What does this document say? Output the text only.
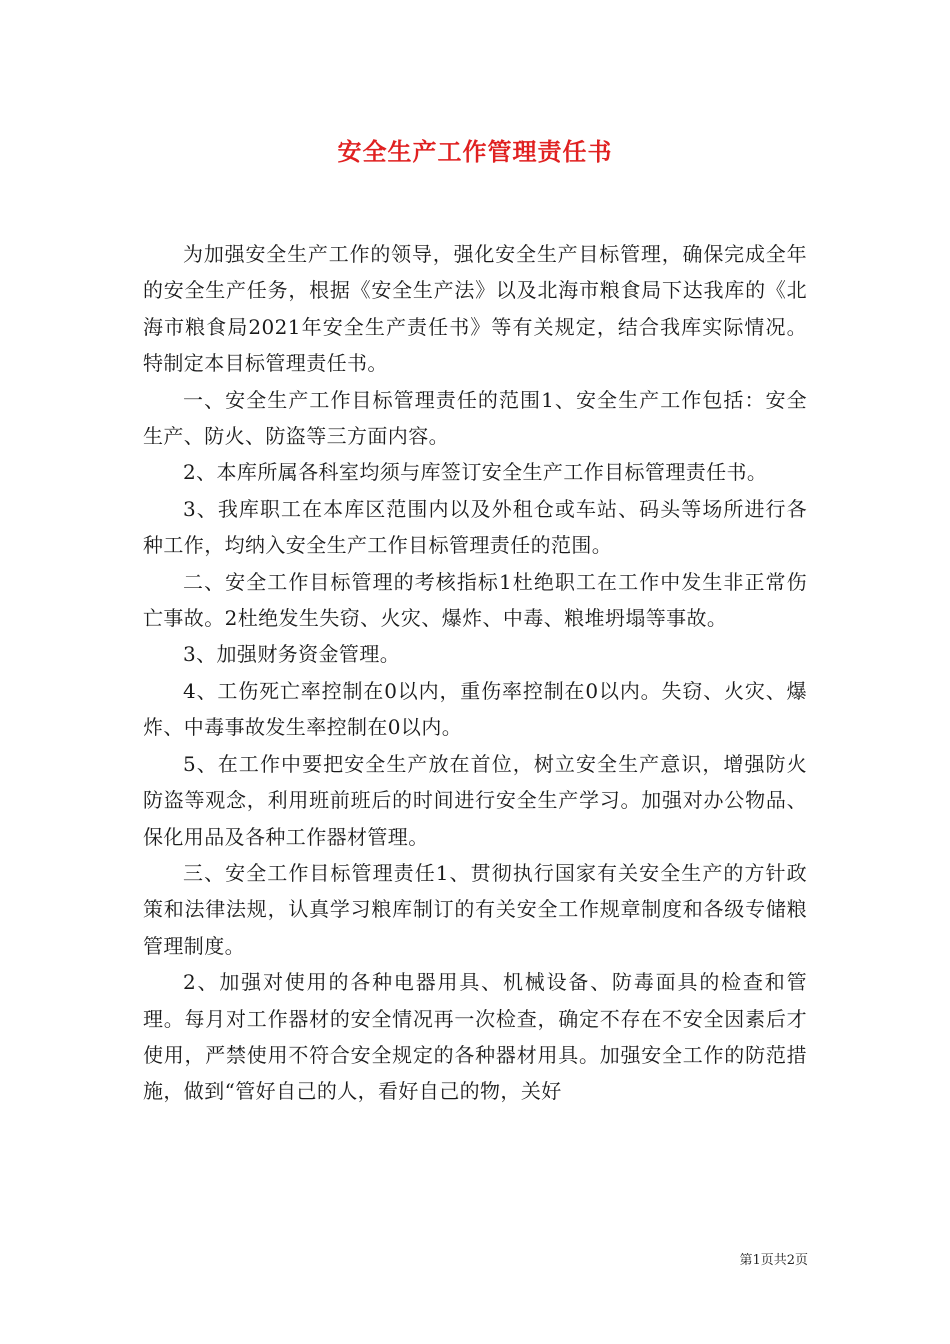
安全生产工作管理责任书

为加强安全生产工作的领导，强化安全生产目标管理，确保完成全年的安全生产任务，根据《安全生产法》以及北海市粮食局下达我库的《北海市粮食局2021年安全生产责任书》等有关规定，结合我库实际情况。特制定本目标管理责任书。

一、安全生产工作目标管理责任的范围1、安全生产工作包括：安全生产、防火、防盗等三方面内容。

2、本库所属各科室均须与库签订安全生产工作目标管理责任书。

3、我库职工在本库区范围内以及外租仓或车站、码头等场所进行各种工作，均纳入安全生产工作目标管理责任的范围。

二、安全工作目标管理的考核指标1杜绝职工在工作中发生非正常伤亡事故。2杜绝发生失窃、火灾、爆炸、中毒、粮堆坍塌等事故。

3、加强财务资金管理。

4、工伤死亡率控制在0以内，重伤率控制在0以内。失窃、火灾、爆炸、中毒事故发生率控制在0以内。

5、在工作中要把安全生产放在首位，树立安全生产意识，增强防火防盗等观念，利用班前班后的时间进行安全生产学习。加强对办公物品、保化用品及各种工作器材管理。

三、安全工作目标管理责任1、贯彻执行国家有关安全生产的方针政策和法律法规，认真学习粮库制订的有关安全工作规章制度和各级专储粮管理制度。

2、加强对使用的各种电器用具、机械设备、防毒面具的检查和管理。每月对工作器材的安全情况再一次检查，确定不存在不安全因素后才使用，严禁使用不符合安全规定的各种器材用具。加强安全工作的防范措施，做到“管好自己的人，看好自己的物，关好

第1页共2页
